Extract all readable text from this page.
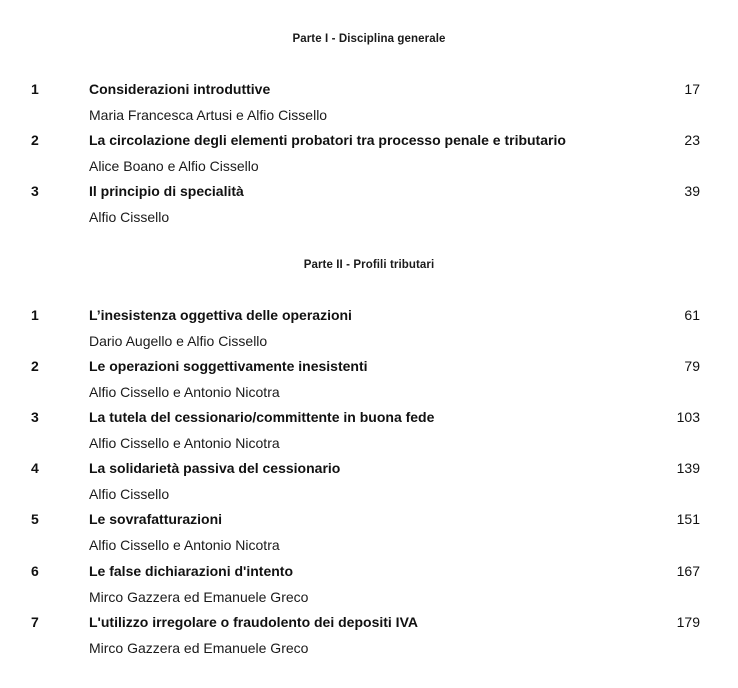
Parte I - Disciplina generale
1	Considerazioni introduttive	17
Maria Francesca Artusi e Alfio Cissello
2	La circolazione degli elementi probatori tra processo penale e tributario	23
Alice Boano e Alfio Cissello
3	Il principio di specialità	39
Alfio Cissello
Parte II - Profili tributari
1	L’inesistenza oggettiva delle operazioni	61
Dario Augello e Alfio Cissello
2	Le operazioni soggettivamente inesistenti	79
Alfio Cissello e Antonio Nicotra
3	La tutela del cessionario/committente in buona fede	103
Alfio Cissello e Antonio Nicotra
4	La solidarietà passiva del cessionario	139
Alfio Cissello
5	Le sovrafatturazioni	151
Alfio Cissello e Antonio Nicotra
6	Le false dichiarazioni d'intento	167
Mirco Gazzera ed Emanuele Greco
7	L'utilizzo irregolare o fraudolento dei depositi IVA	179
Mirco Gazzera ed Emanuele Greco
